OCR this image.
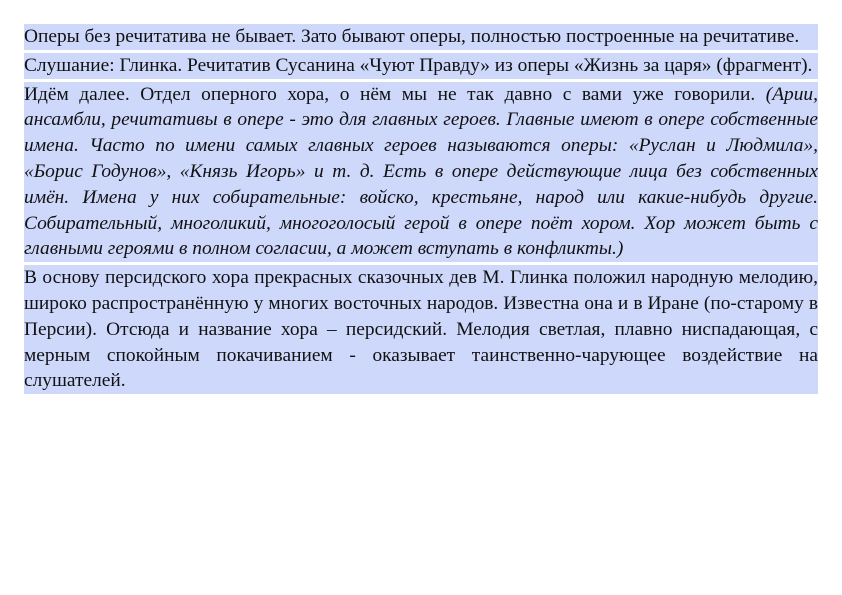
Оперы без речитатива не бывает. Зато бывают оперы, полностью построенные на речитативе.

Слушание: Глинка. Речитатив Сусанина «Чуют Правду» из оперы «Жизнь за царя» (фрагмент).

Идём далее. Отдел оперного хора, о нём мы не так давно с вами уже говорили. (Арии, ансамбли, речитативы в опере - это для главных героев. Главные имеют в опере собственные имена. Часто по имени самых главных героев называются оперы: «Руслан и Людмила», «Борис Годунов», «Князь Игорь» и т. д. Есть в опере действующие лица без собственных имён. Имена у них собирательные: войско, крестьяне, народ или какие-нибудь другие. Собирательный, многоликий, многоголосый герой в опере поёт хором. Хор может быть с главными героями в полном согласии, а может вступать в конфликты.)

В основу персидского хора прекрасных сказочных дев М. Глинка положил народную мелодию, широко распространённую у многих восточных народов. Известна она и в Иране (по-старому в Персии). Отсюда и название хора – персидский. Мелодия светлая, плавно ниспадающая, с мерным спокойным покачиванием - оказывает таинственно-чарующее воздействие на слушателей.
